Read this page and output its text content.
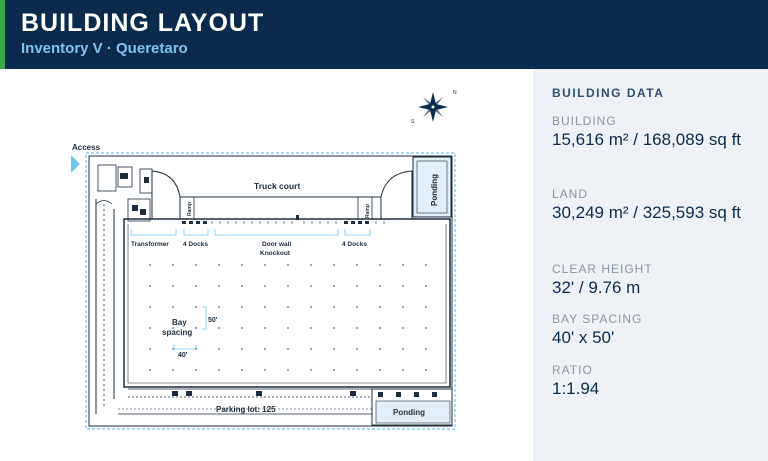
BUILDING LAYOUT
Inventory V · Queretaro
N
S
Access
Truck court
Ramp	Ramp
Ponding
Transformer 4 Docks	Door wall
Knockout
4 Docks
Bay
spacing
50'
40'
Parking lot: 125	Ponding
BUILDING DATA
BUILDING
15,616 m² / 168,089 sq ft
LAND
30,249 m² / 325,593 sq ft
CLEAR HEIGHT
32' / 9.76 m
BAY SPACING
40' x 50'
RATIO
1:1.94
